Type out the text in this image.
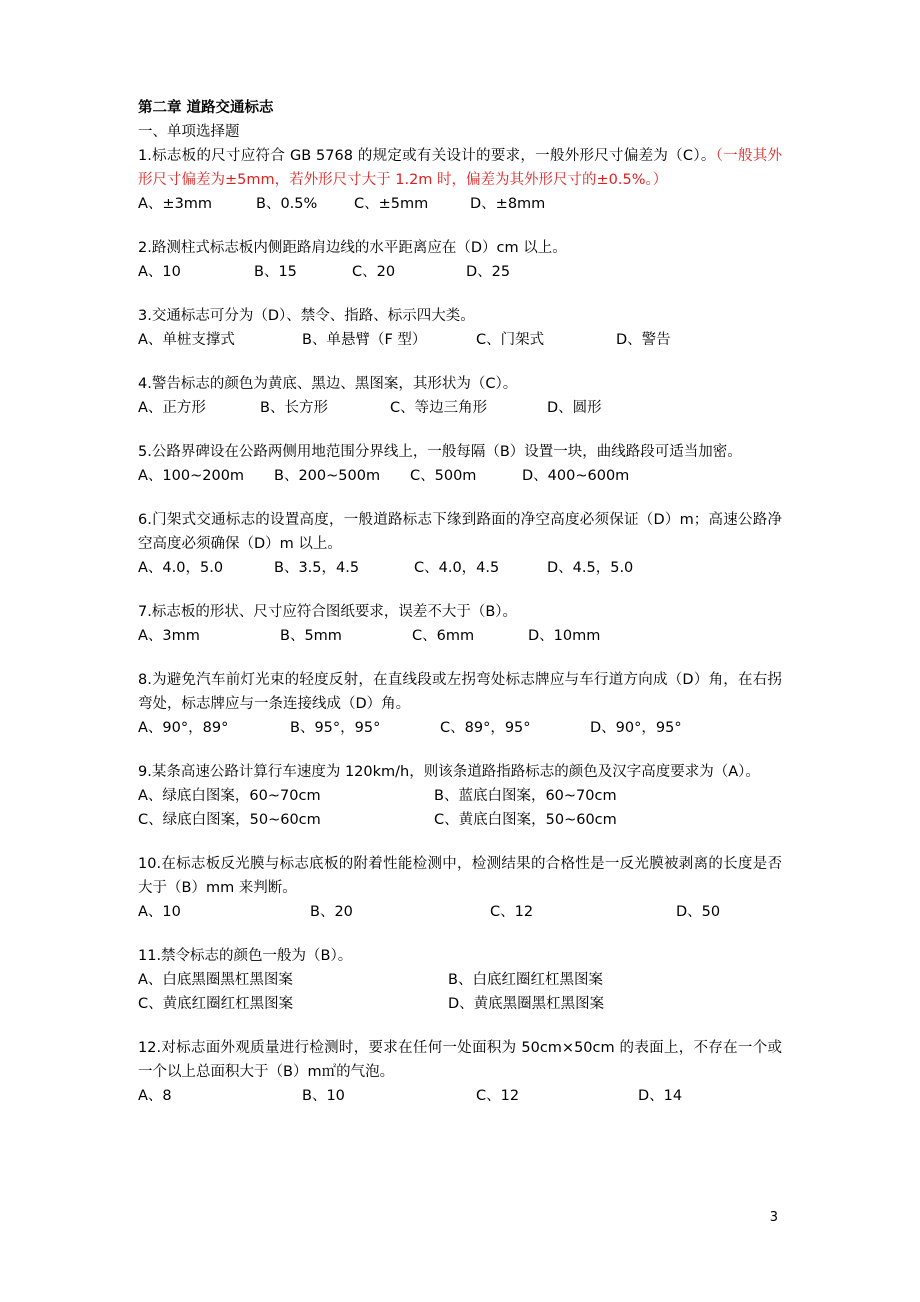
第二章 道路交通标志
一、单项选择题
1.标志板的尺寸应符合 GB 5768 的规定或有关设计的要求，一般外形尺寸偏差为（C）。（一般其外形尺寸偏差为±5mm，若外形尺寸大于 1.2m 时，偏差为其外形尺寸的±0.5%。）
A、±3mm	B、0.5%	C、±5mm	D、±8mm
2.路测柱式标志板内侧距路肩边线的水平距离应在（D）cm 以上。
A、10	B、15	C、20	D、25
3.交通标志可分为（D）、禁令、指路、标示四大类。
A、单桩支撑式	B、单悬臂（F 型）	C、门架式	D、警告
4.警告标志的颜色为黄底、黑边、黑图案，其形状为（C）。
A、正方形	B、长方形	C、等边三角形	D、圆形
5.公路界碑设在公路两侧用地范围分界线上，一般每隔（B）设置一块，曲线路段可适当加密。
A、100~200m	B、200~500m	C、500m	D、400~600m
6.门架式交通标志的设置高度，一般道路标志下缘到路面的净空高度必须保证（D）m；高速公路净空高度必须确保（D）m 以上。
A、4.0，5.0	B、3.5，4.5	C、4.0，4.5	D、4.5，5.0
7.标志板的形状、尺寸应符合图纸要求，误差不大于（B）。
A、3mm	B、5mm	C、6mm	D、10mm
8.为避免汽车前灯光束的轻度反射，在直线段或左拐弯处标志牌应与车行道方向成（D）角，在右拐弯处，标志牌应与一条连接线成（D）角。
A、90°，89°	B、95°，95°	C、89°，95°	D、90°，95°
9.某条高速公路计算行车速度为 120km/h，则该条道路指路标志的颜色及汉字高度要求为（A）。
A、绿底白图案，60~70cm	B、蓝底白图案，60~70cm
C、绿底白图案，50~60cm	C、黄底白图案，50~60cm
10.在标志板反光膜与标志底板的附着性能检测中，检测结果的合格性是一反光膜被剥离的长度是否大于（B）mm 来判断。
A、10	B、20	C、12	D、50
11.禁令标志的颜色一般为（B）。
A、白底黑圈黑杠黑图案	B、白底红圈红杠黑图案
C、黄底红圈红杠黑图案	D、黄底黑圈黑杠黑图案
12.对标志面外观质量进行检测时，要求在任何一处面积为 50cm×50cm 的表面上，不存在一个或一个以上总面积大于（B）m㎡的气泡。
A、8	B、10	C、12	D、14
3
